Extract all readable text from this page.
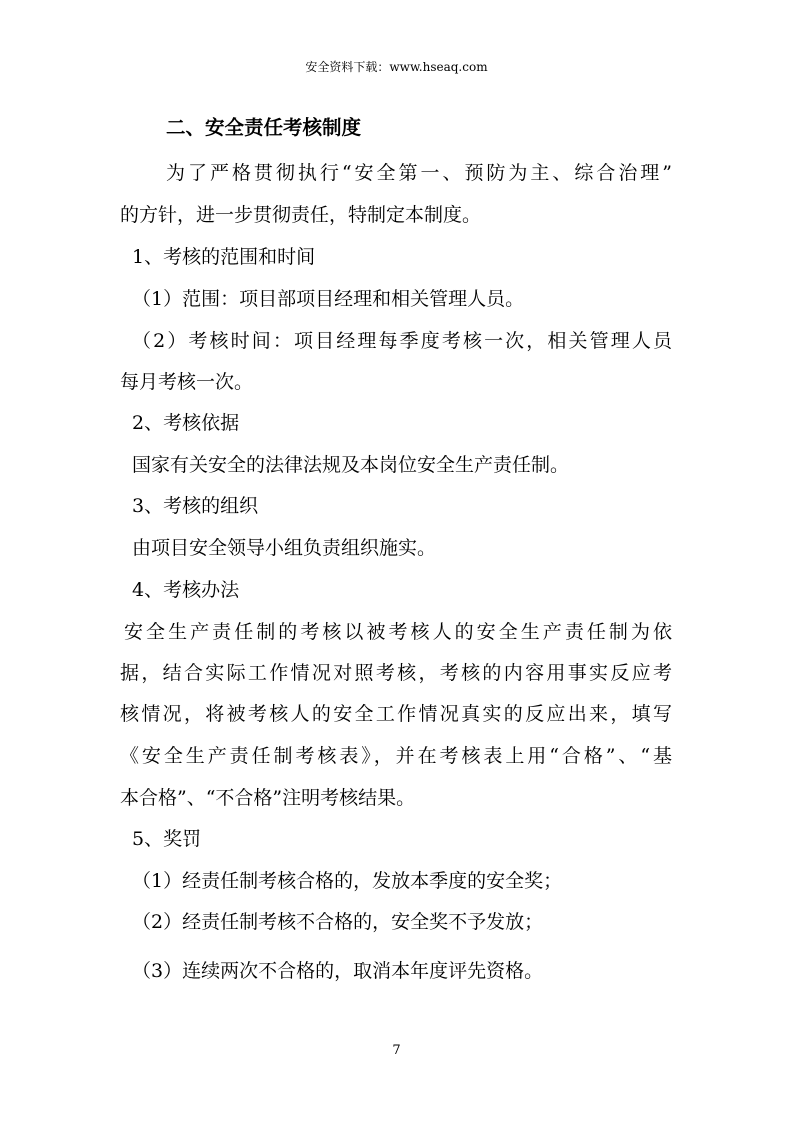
安全资料下载：www.hseaq.com
二、安全责任考核制度
为了严格贯彻执行“安全第一、预防为主、综合治理”
的方针，进一步贯彻责任，特制定本制度。
1、考核的范围和时间
（1）范围：项目部项目经理和相关管理人员。
（2）考核时间：项目经理每季度考核一次，相关管理人员
每月考核一次。
2、考核依据
国家有关安全的法律法规及本岗位安全生产责任制。
3、考核的组织
由项目安全领导小组负责组织施实。
4、考核办法
安全生产责任制的考核以被考核人的安全生产责任制为依
据，结合实际工作情况对照考核，考核的内容用事实反应考
核情况，将被考核人的安全工作情况真实的反应出来，填写
《安全生产责任制考核表》，并在考核表上用“合格”、“基
本合格”、“不合格”注明考核结果。
5、奖罚
（1）经责任制考核合格的，发放本季度的安全奖；
（2）经责任制考核不合格的，安全奖不予发放；
（3）连续两次不合格的，取消本年度评先资格。
7
